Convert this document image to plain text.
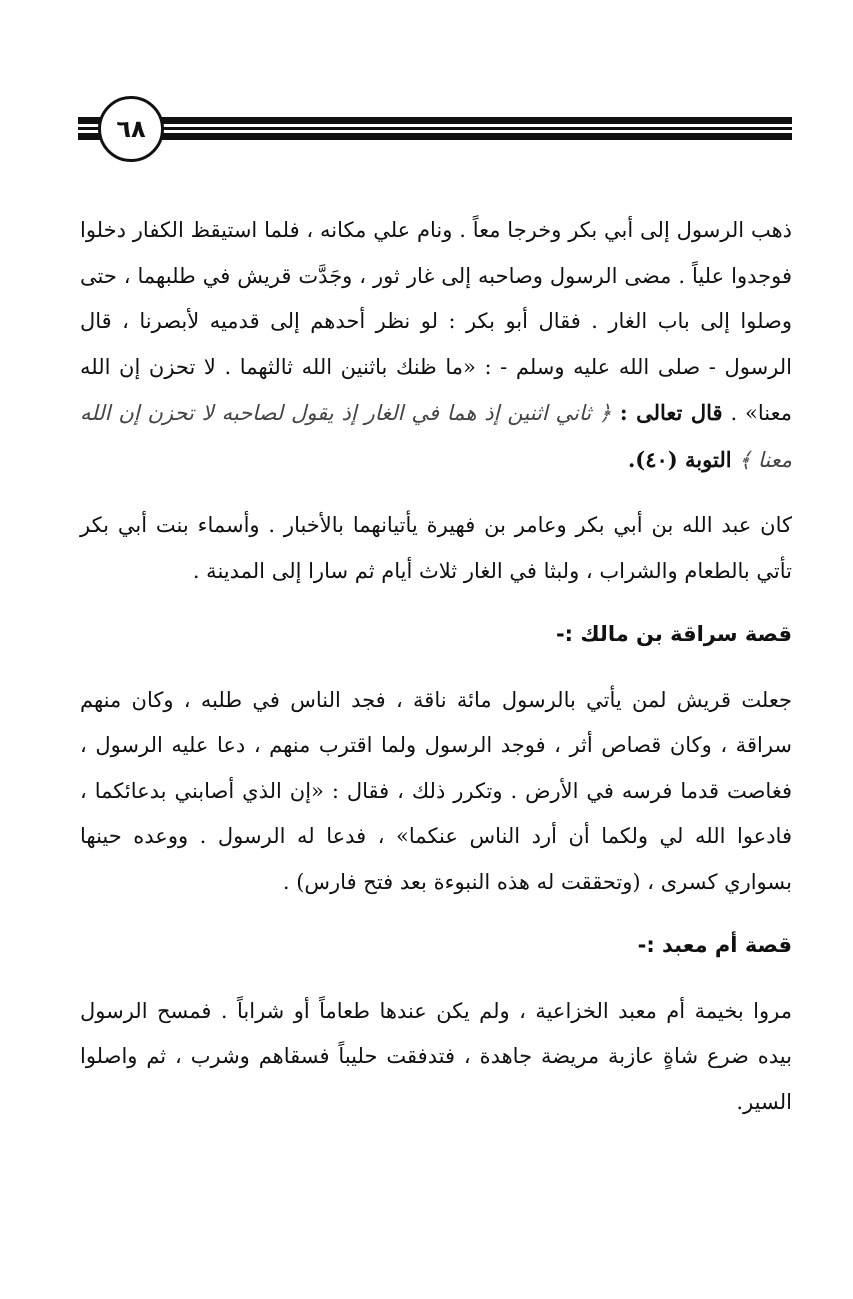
٦٨

ذهب الرسول إلى أبي بكر وخرجا معاً . ونام علي مكانه ، فلما استيقظ الكفار دخلوا فوجدوا علياً . مضى الرسول وصاحبه إلى غار ثور ، وجَدَّت قريش في طلبهما ، حتى وصلوا إلى باب الغار . فقال أبو بكر : لو نظر أحدهم إلى قدميه لأبصرنا ، قال الرسول - صلى الله عليه وسلم - : «ما ظنك باثنين الله ثالثهما . لا تحزن إن الله معنا» . قال تعالى : ﴿ ثاني اثنين إذ هما في الغار إذ يقول لصاحبه لا تحزن إن الله معنا ﴾ التوبة (٤٠).

كان عبد الله بن أبي بكر وعامر بن فهيرة يأتيانهما بالأخبار . وأسماء بنت أبي بكر تأتي بالطعام والشراب ، ولبثا في الغار ثلاث أيام ثم سارا إلى المدينة .

قصة سراقة بن مالك :-

جعلت قريش لمن يأتي بالرسول مائة ناقة ، فجد الناس في طلبه ، وكان منهم سراقة ، وكان قصاص أثر ، فوجد الرسول ولما اقترب منهم ، دعا عليه الرسول ، فغاصت قدما فرسه في الأرض . وتكرر ذلك ، فقال : «إن الذي أصابني بدعائكما ، فادعوا الله لي ولكما أن أرد الناس عنكما» ، فدعا له الرسول . ووعده حينها بسواري كسرى ، (وتحققت له هذه النبوءة بعد فتح فارس) .

قصة أم معبد :-

مروا بخيمة أم معبد الخزاعية ، ولم يكن عندها طعاماً أو شراباً . فمسح الرسول بيده ضرع شاةٍ عازبة مريضة جاهدة ، فتدفقت حليباً فسقاهم وشرب ، ثم واصلوا السير.
